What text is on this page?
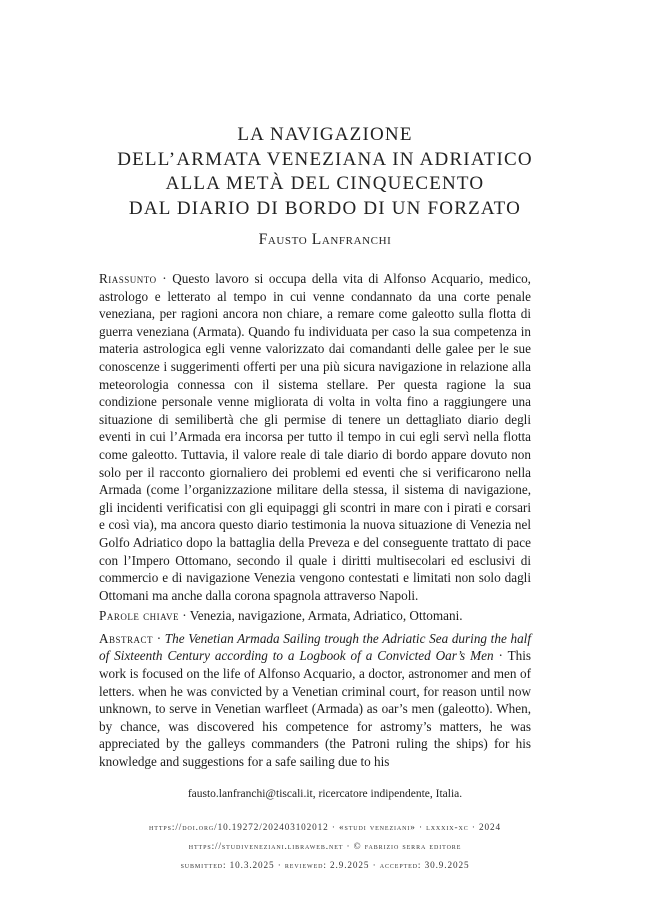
LA NAVIGAZIONE
DELL’ARMATA VENEZIANA IN ADRIATICO
ALLA METÀ DEL CINQUECENTO
DAL DIARIO DI BORDO DI UN FORZATO
Fausto Lanfranchi

Riassunto · Questo lavoro si occupa della vita di Alfonso Acquario, medico, astrologo e letterato al tempo in cui venne condannato da una corte penale veneziana, per ragioni ancora non chiare, a remare come galeotto sulla flotta di guerra veneziana (Armata). Quando fu individuata per caso la sua competenza in materia astrologica egli venne valorizzato dai comandanti delle galee per le sue conoscenze i suggerimenti offerti per una più sicura navigazione in relazione alla meteorologia connessa con il sistema stellare. Per questa ragione la sua condizione personale venne migliorata di volta in volta fino a raggiungere una situazione di semilibertà che gli permise di tenere un dettagliato diario degli eventi in cui l’Armada era incorsa per tutto il tempo in cui egli servì nella flotta come galeotto. Tuttavia, il valore reale di tale diario di bordo appare dovuto non solo per il racconto giornaliero dei problemi ed eventi che si verificarono nella Armada (come l’organizzazione militare della stessa, il sistema di navigazione, gli incidenti verificatisi con gli equipaggi gli scontri in mare con i pirati e corsari e così via), ma ancora questo diario testimonia la nuova situazione di Venezia nel Golfo Adriatico dopo la battaglia della Preveza e del conseguente trattato di pace con l’Impero Ottomano, secondo il quale i diritti multisecolari ed esclusivi di commercio e di navigazione Venezia vengono contestati e limitati non solo dagli Ottomani ma anche dalla corona spagnola attraverso Napoli.

Parole chiave · Venezia, navigazione, Armata, Adriatico, Ottomani.

Abstract · The Venetian Armada Sailing trough the Adriatic Sea during the half of Sixteenth Century according to a Logbook of a Convicted Oar’s Men · This work is focused on the life of Alfonso Acquario, a doctor, astronomer and men of letters. when he was convicted by a Venetian criminal court, for reason until now unknown, to serve in Venetian warfleet (Armada) as oar’s men (galeotto). When, by chance, was discovered his competence for astromy’s matters, he was appreciated by the galleys commanders (the Patroni ruling the ships) for his knowledge and suggestions for a safe sailing due to his

fausto.lanfranchi@tiscali.it, ricercatore indipendente, Italia.
https://doi.org/10.19272/202403102012 · «studi veneziani» · lxxxix-xc · 2024
https://studiveneziani.libraweb.net · © fabrizio serra editore
submitted: 10.3.2025 · reviewed: 2.9.2025 · accepted: 30.9.2025
